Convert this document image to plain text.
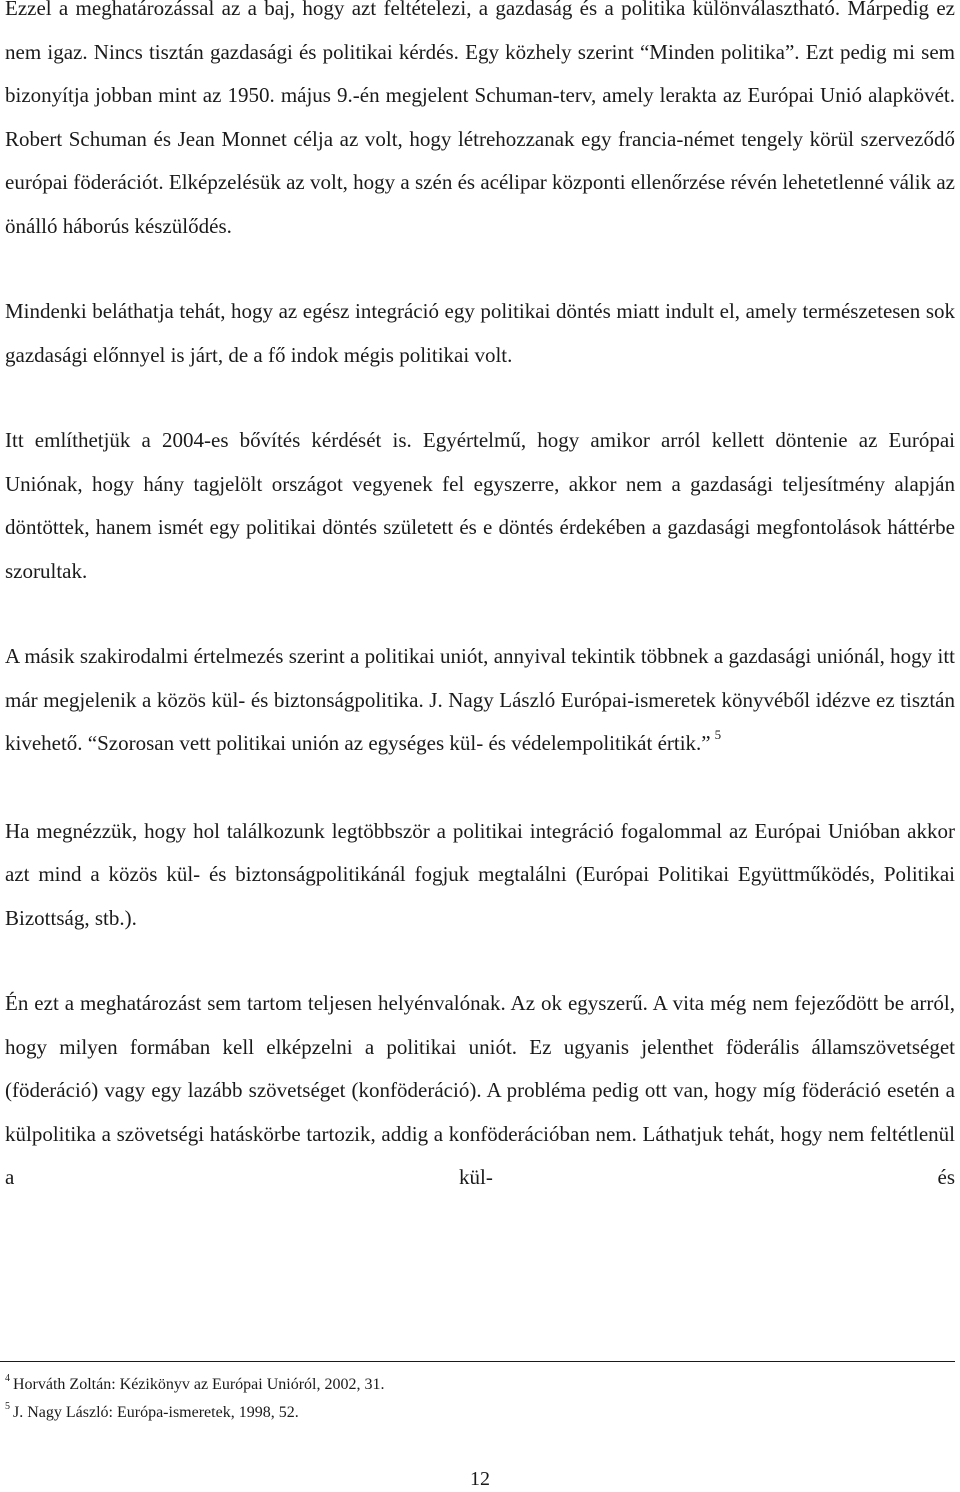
Ezzel a meghatározással az a baj, hogy azt feltételezi, a gazdaság és a politika különválasztható. Márpedig ez nem igaz. Nincs tisztán gazdasági és politikai kérdés. Egy közhely szerint “Minden politika”. Ezt pedig mi sem bizonyítja jobban mint az 1950. május 9.-én megjelent Schuman-terv, amely lerakta az Európai Unió alapkövét. Robert Schuman és Jean Monnet célja az volt, hogy létrehozzanak egy francia-német tengely körül szerveződő európai föderációt. Elképzelésük az volt, hogy a szén és acélipar központi ellenőrzése révén lehetetlenné válik az önálló háborús készülődés.

Mindenki beláthatja tehát, hogy az egész integráció egy politikai döntés miatt indult el, amely természetesen sok gazdasági előnnyel is járt, de a fő indok mégis politikai volt.

Itt említhetjük a 2004-es bővítés kérdését is. Egyértelmű, hogy amikor arról kellett döntenie az Európai Uniónak, hogy hány tagjelölt országot vegyenek fel egyszerre, akkor nem a gazdasági teljesítmény alapján döntöttek, hanem ismét egy politikai döntés született és e döntés érdekében a gazdasági megfontolások háttérbe szorultak.

A másik szakirodalmi értelmezés szerint a politikai uniót, annyival tekintik többnek a gazdasági uniónál, hogy itt már megjelenik a közös kül- és biztonságpolitika. J. Nagy László Európai-ismeretek könyvéből idézve ez tisztán kivehető. “Szorosan vett politikai unión az egységes kül- és védelempolitikát értik.” $^5$

Ha megnézzük, hogy hol találkozunk legtöbbször a politikai integráció fogalommal az Európai Unióban akkor azt mind a közös kül- és biztonságpolitikánál fogjuk megtalálni (Európai Politikai Együttműködés, Politikai Bizottság, stb.).

Én ezt a meghatározást sem tartom teljesen helyénvalónak. Az ok egyszerű. A vita még nem fejeződött be arról, hogy milyen formában kell elképzelni a politikai uniót. Ez ugyanis jelenthet föderális államszövetséget (föderáció) vagy egy lazább szövetséget (konföderáció). A probléma pedig ott van, hogy míg föderáció esetén a külpolitika a szövetségi hatáskörbe tartozik, addig a konföderációban nem. Láthatjuk tehát, hogy nem feltétlenül a kül- és

$^4$ Horváth Zoltán: Kézikönyv az Európai Unióról, 2002, 31.
$^5$ J. Nagy László: Európa-ismeretek, 1998, 52.
12
